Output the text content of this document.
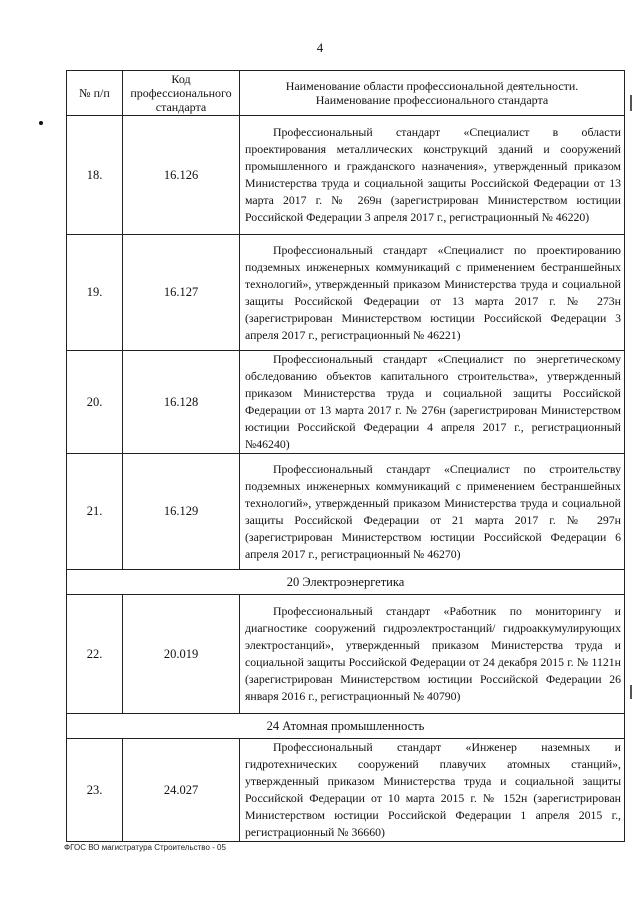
4
№ п/п	Код профессионального стандарта	Наименование области профессиональной деятельности. Наименование профессионального стандарта
18.	16.126	Профессиональный стандарт «Специалист в области проектирования металлических конструкций зданий и сооружений промышленного и гражданского назначения», утвержденный приказом Министерства труда и социальной защиты Российской Федерации от 13 марта 2017 г. № 269н (зарегистрирован Министерством юстиции Российской Федерации 3 апреля 2017 г., регистрационный № 46220)

19.	16.127	Профессиональный стандарт «Специалист по проектированию подземных инженерных коммуникаций с применением бестраншейных технологий», утвержденный приказом Министерства труда и социальной защиты Российской Федерации от 13 марта 2017 г. № 273н (зарегистрирован Министерством юстиции Российской Федерации 3 апреля 2017 г., регистрационный № 46221)

20.	16.128	Профессиональный стандарт «Специалист по энергетическому обследованию объектов капитального строительства», утвержденный приказом Министерства труда и социальной защиты Российской Федерации от 13 марта 2017 г. № 276н (зарегистрирован Министерством юстиции Российской Федерации 4 апреля 2017 г., регистрационный №46240)

21.	16.129	Профессиональный стандарт «Специалист по строительству подземных инженерных коммуникаций с применением бестраншейных технологий», утвержденный приказом Министерства труда и социальной защиты Российской Федерации от 21 марта 2017 г. № 297н (зарегистрирован Министерством юстиции Российской Федерации 6 апреля 2017 г., регистрационный № 46270)

20 Электроэнергетика		
22.	20.019	Профессиональный стандарт «Работник по мониторингу и диагностике сооружений гидроэлектростанций/ гидроаккумулирующих электростанций», утвержденный приказом Министерства труда и социальной защиты Российской Федерации от 24 декабря 2015 г. № 1121н (зарегистрирован Министерством юстиции Российской Федерации 26 января 2016 г., регистрационный № 40790)

24 Атомная промышленность		
23.	24.027	Профессиональный стандарт «Инженер наземных и гидротехнических сооружений плавучих атомных станций», утвержденный приказом Министерства труда и социальной защиты Российской Федерации от 10 марта 2015 г. № 152н (зарегистрирован Министерством юстиции Российской Федерации 1 апреля 2015 г., регистрационный № 36660)

ФГОС ВО магистратура Строительство - 05
